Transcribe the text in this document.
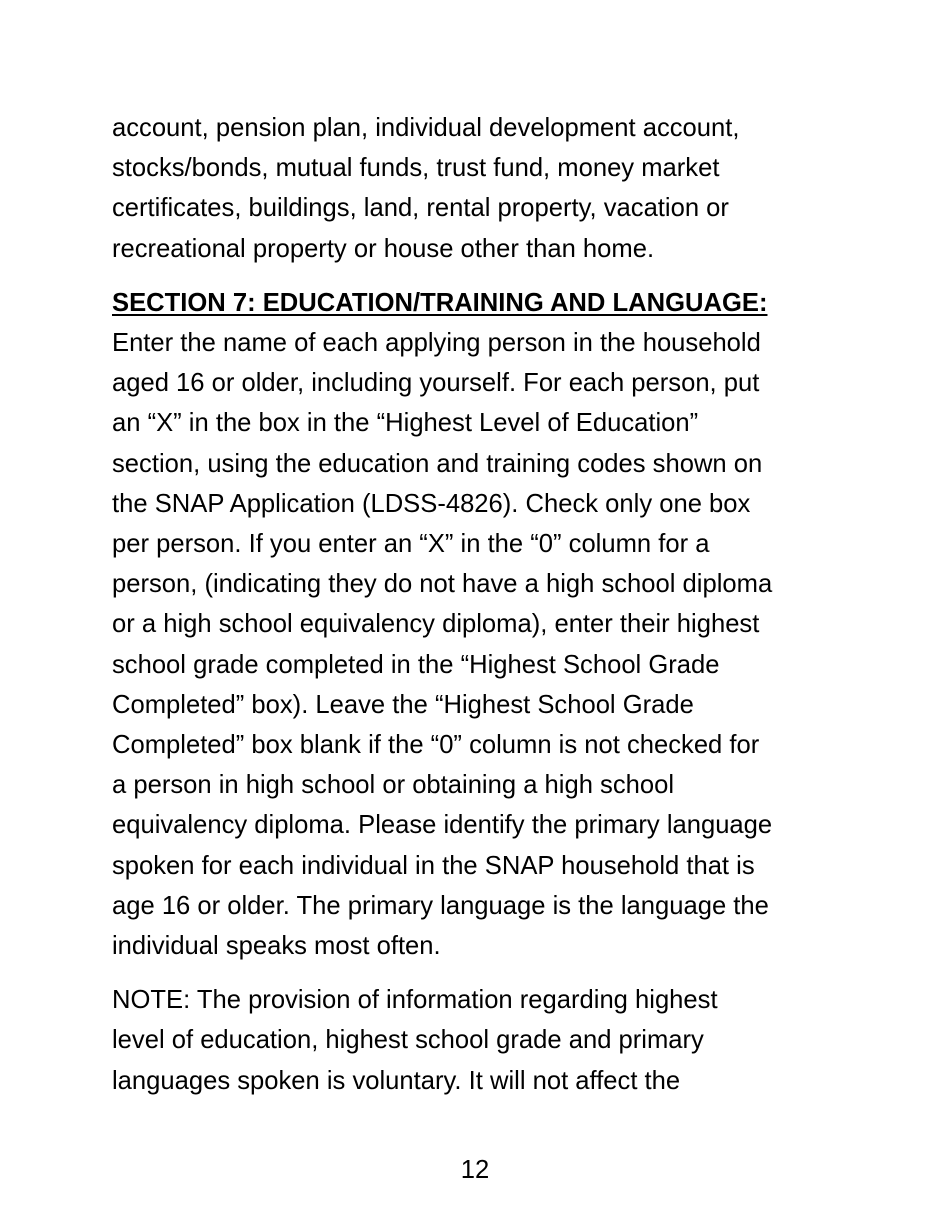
account, pension plan, individual development account,
stocks/bonds, mutual funds, trust fund, money market
certificates, buildings, land, rental property, vacation or
recreational property or house other than home.

SECTION 7: EDUCATION/TRAINING AND LANGUAGE:
Enter the name of each applying person in the household
aged 16 or older, including yourself. For each person, put
an “X” in the box in the “Highest Level of Education”
section, using the education and training codes shown on
the SNAP Application (LDSS-4826). Check only one box
per person. If you enter an “X” in the “0” column for a
person, (indicating they do not have a high school diploma
or a high school equivalency diploma), enter their highest
school grade completed in the “Highest School Grade
Completed” box). Leave the “Highest School Grade
Completed” box blank if the “0” column is not checked for
a person in high school or obtaining a high school
equivalency diploma. Please identify the primary language
spoken for each individual in the SNAP household that is
age 16 or older. The primary language is the language the
individual speaks most often.

NOTE: The provision of information regarding highest
level of education, highest school grade and primary
languages spoken is voluntary. It will not affect the

12
